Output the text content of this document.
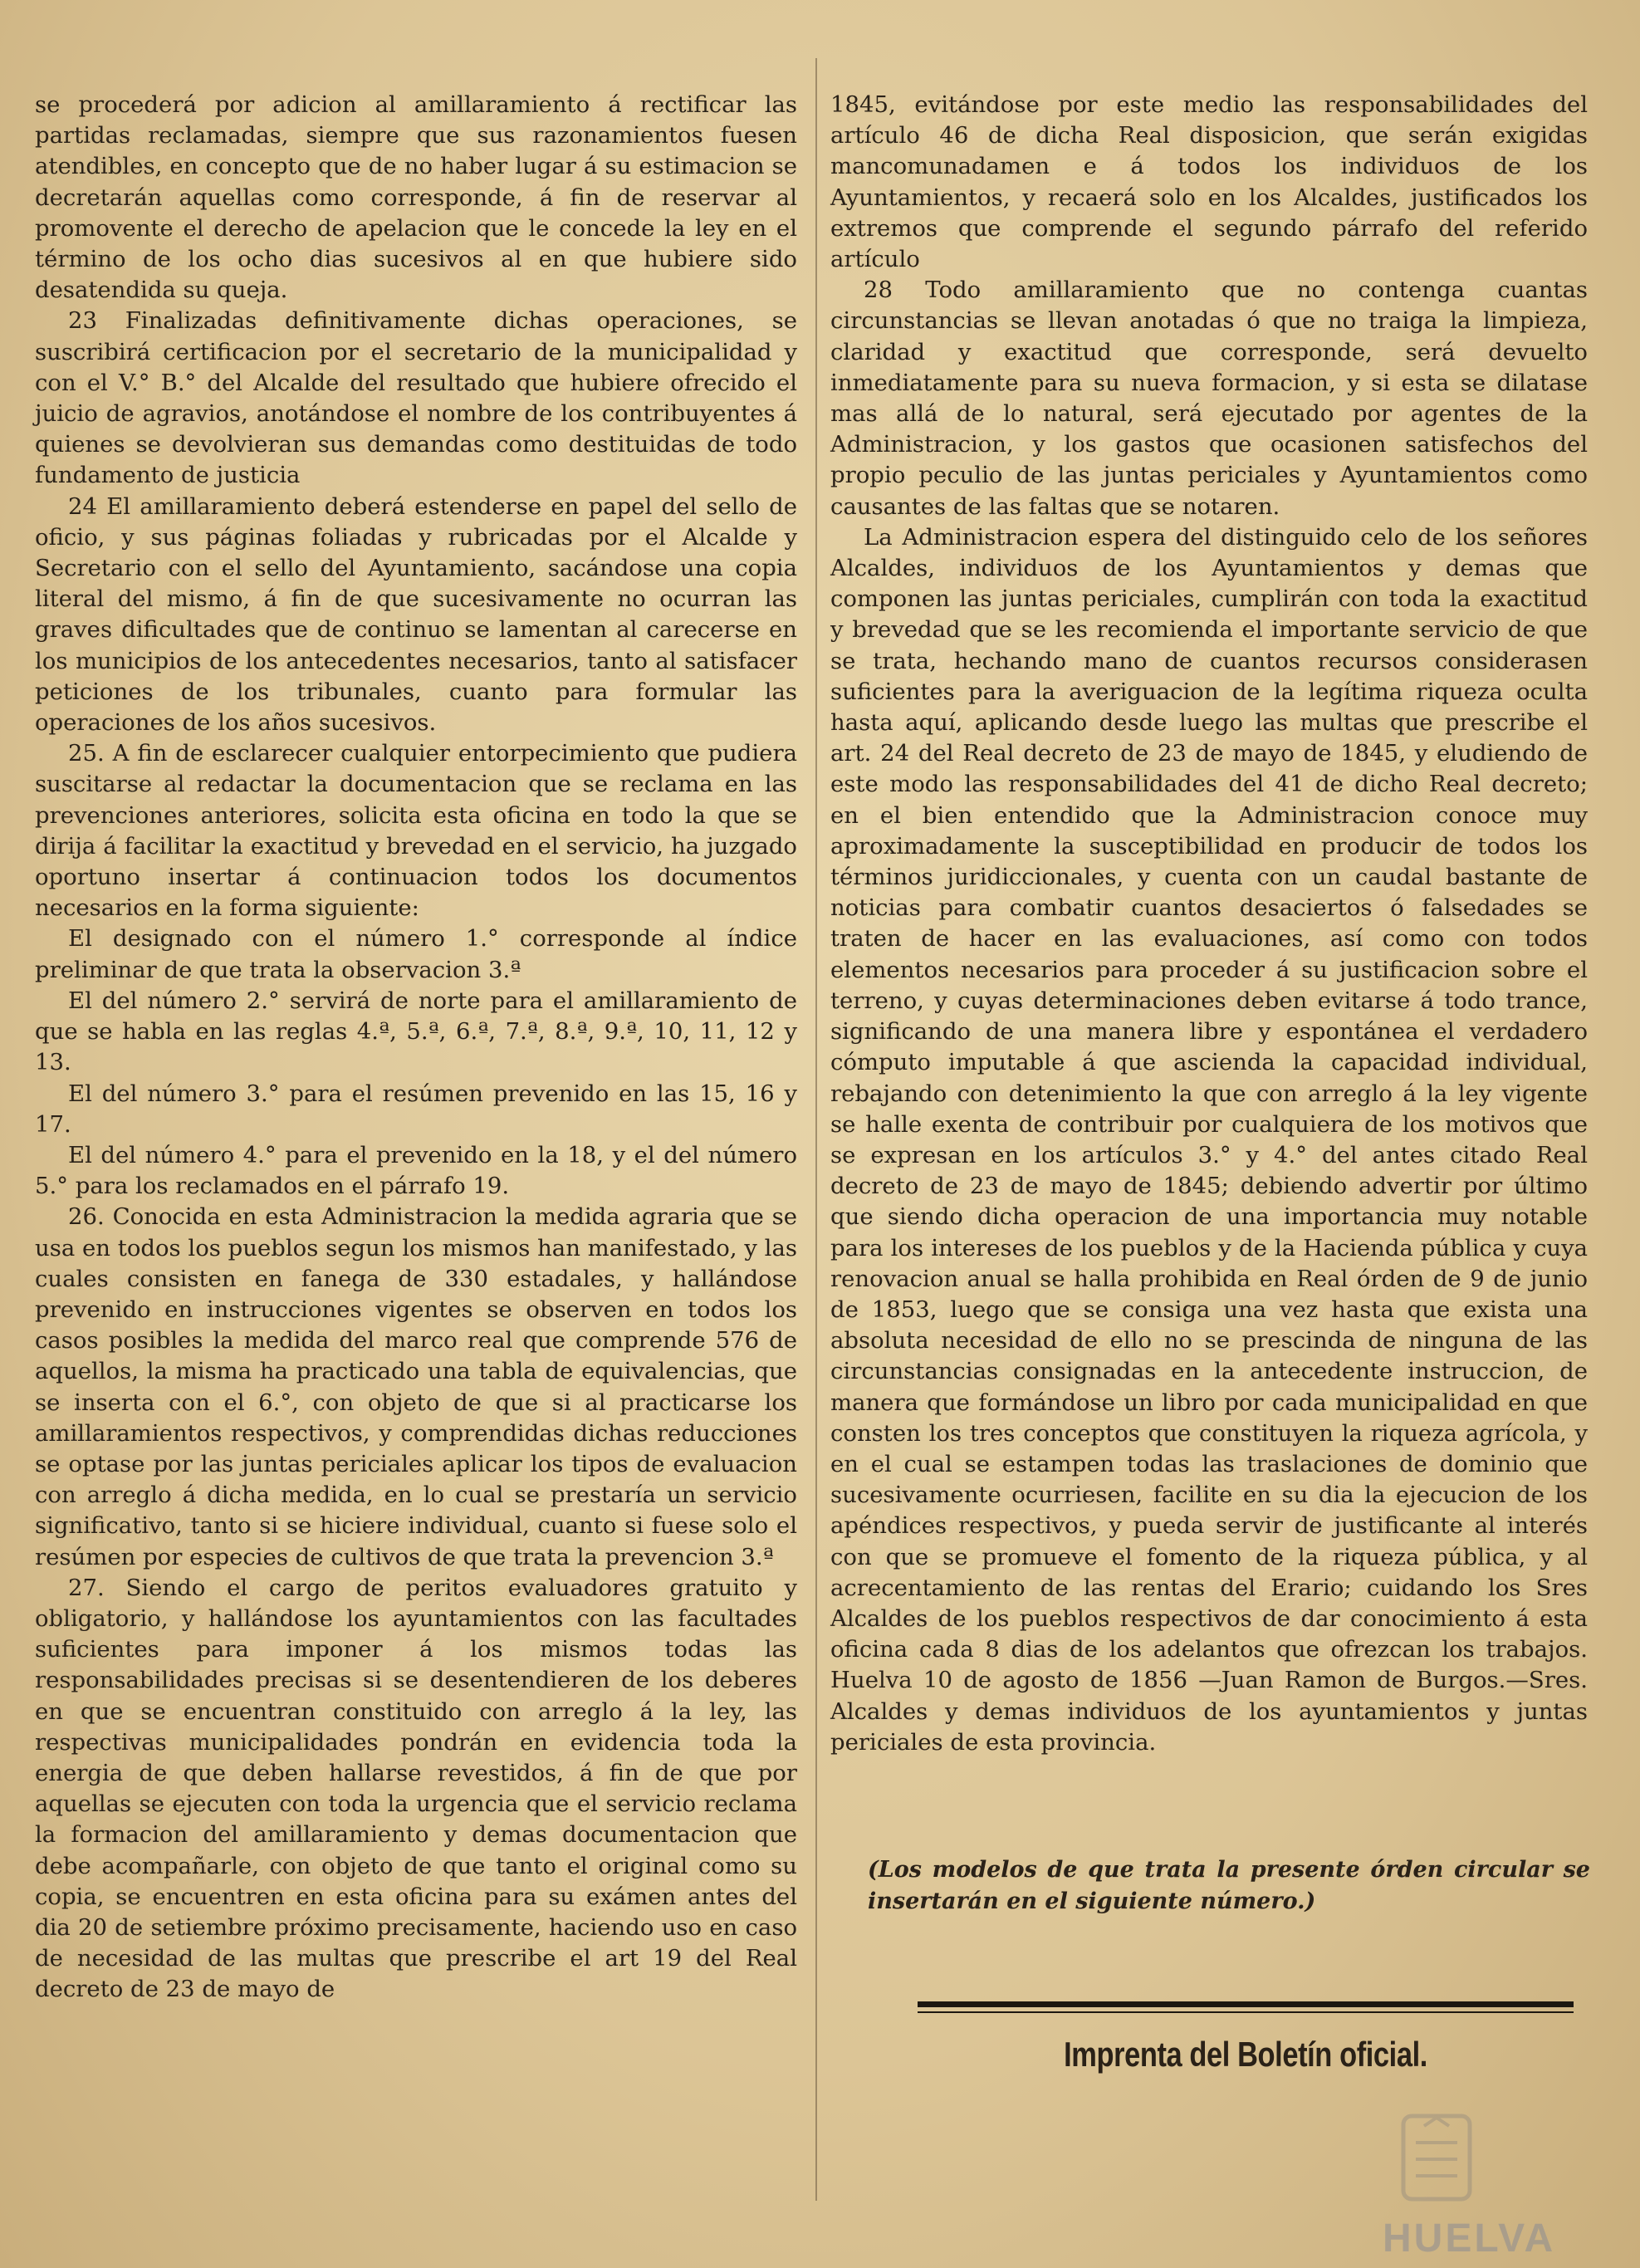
se procederá por adicion al amillaramiento á rectificar las partidas reclamadas, siempre que sus razonamientos fuesen atendibles, en concepto que de no haber lugar á su estimacion se decretarán aquellas como corresponde, á fin de reservar al promovente el derecho de apelacion que le concede la ley en el término de los ocho dias sucesivos al en que hubiere sido desatendida su queja.

23 Finalizadas definitivamente dichas operaciones, se suscribirá certificacion por el secretario de la municipalidad y con el V.° B.° del Alcalde del resultado que hubiere ofrecido el juicio de agravios, anotándose el nombre de los contribuyentes á quienes se devolvieran sus demandas como destituidas de todo fundamento de justicia

24 El amillaramiento deberá estenderse en papel del sello de oficio, y sus páginas foliadas y rubricadas por el Alcalde y Secretario con el sello del Ayuntamiento, sacándose una copia literal del mismo, á fin de que sucesivamente no ocurran las graves dificultades que de continuo se lamentan al carecerse en los municipios de los antecedentes necesarios, tanto al satisfacer peticiones de los tribunales, cuanto para formular las operaciones de los años sucesivos.

25. A fin de esclarecer cualquier entorpecimiento que pudiera suscitarse al redactar la documentacion que se reclama en las prevenciones anteriores, solicita esta oficina en todo la que se dirija á facilitar la exactitud y brevedad en el servicio, ha juzgado oportuno insertar á continuacion todos los documentos necesarios en la forma siguiente:

El designado con el número 1.° corresponde al índice preliminar de que trata la observacion 3.ª

El del número 2.° servirá de norte para el amillaramiento de que se habla en las reglas 4.ª, 5.ª, 6.ª, 7.ª, 8.ª, 9.ª, 10, 11, 12 y 13.

El del número 3.° para el resúmen prevenido en las 15, 16 y 17.

El del número 4.° para el prevenido en la 18, y el del número 5.° para los reclamados en el párrafo 19.

26. Conocida en esta Administracion la medida agraria que se usa en todos los pueblos segun los mismos han manifestado, y las cuales consisten en fanega de 330 estadales, y hallándose prevenido en instrucciones vigentes se observen en todos los casos posibles la medida del marco real que comprende 576 de aquellos, la misma ha practicado una tabla de equivalencias, que se inserta con el 6.°, con objeto de que si al practicarse los amillaramientos respectivos, y comprendidas dichas reducciones se optase por las juntas periciales aplicar los tipos de evaluacion con arreglo á dicha medida, en lo cual se prestaría un servicio significativo, tanto si se hiciere individual, cuanto si fuese solo el resúmen por especies de cultivos de que trata la prevencion 3.ª

27. Siendo el cargo de peritos evaluadores gratuito y obligatorio, y hallándose los ayuntamientos con las facultades suficientes para imponer á los mismos todas las responsabilidades precisas si se desentendieren de los deberes en que se encuentran constituido con arreglo á la ley, las respectivas municipalidades pondrán en evidencia toda la energia de que deben hallarse revestidos, á fin de que por aquellas se ejecuten con toda la urgencia que el servicio reclama la formacion del amillaramiento y demas documentacion que debe acompañarle, con objeto de que tanto el original como su copia, se encuentren en esta oficina para su exámen antes del dia 20 de setiembre próximo precisamente, haciendo uso en caso de necesidad de las multas que prescribe el art 19 del Real decreto de 23 de mayo de

1845, evitándose por este medio las responsabilidades del artículo 46 de dicha Real disposicion, que serán exigidas mancomunadamen e á todos los individuos de los Ayuntamientos, y recaerá solo en los Alcaldes, justificados los extremos que comprende el segundo párrafo del referido artículo

28 Todo amillaramiento que no contenga cuantas circunstancias se llevan anotadas ó que no traiga la limpieza, claridad y exactitud que corresponde, será devuelto inmediatamente para su nueva formacion, y si esta se dilatase mas allá de lo natural, será ejecutado por agentes de la Administracion, y los gastos que ocasionen satisfechos del propio peculio de las juntas periciales y Ayuntamientos como causantes de las faltas que se notaren.

La Administracion espera del distinguido celo de los señores Alcaldes, individuos de los Ayuntamientos y demas que componen las juntas periciales, cumplirán con toda la exactitud y brevedad que se les recomienda el importante servicio de que se trata, hechando mano de cuantos recursos considerasen suficientes para la averiguacion de la legítima riqueza oculta hasta aquí, aplicando desde luego las multas que prescribe el art. 24 del Real decreto de 23 de mayo de 1845, y eludiendo de este modo las responsabilidades del 41 de dicho Real decreto; en el bien entendido que la Administracion conoce muy aproximadamente la susceptibilidad en producir de todos los términos juridiccionales, y cuenta con un caudal bastante de noticias para combatir cuantos desaciertos ó falsedades se traten de hacer en las evaluaciones, así como con todos elementos necesarios para proceder á su justificacion sobre el terreno, y cuyas determinaciones deben evitarse á todo trance, significando de una manera libre y espontánea el verdadero cómputo imputable á que ascienda la capacidad individual, rebajando con detenimiento la que con arreglo á la ley vigente se halle exenta de contribuir por cualquiera de los motivos que se expresan en los artículos 3.° y 4.° del antes citado Real decreto de 23 de mayo de 1845; debiendo advertir por último que siendo dicha operacion de una importancia muy notable para los intereses de los pueblos y de la Hacienda pública y cuya renovacion anual se halla prohibida en Real órden de 9 de junio de 1853, luego que se consiga una vez hasta que exista una absoluta necesidad de ello no se prescinda de ninguna de las circunstancias consignadas en la antecedente instruccion, de manera que formándose un libro por cada municipalidad en que consten los tres conceptos que constituyen la riqueza agrícola, y en el cual se estampen todas las traslaciones de dominio que sucesivamente ocurriesen, facilite en su dia la ejecucion de los apéndices respectivos, y pueda servir de justificante al interés con que se promueve el fomento de la riqueza pública, y al acrecentamiento de las rentas del Erario; cuidando los Sres Alcaldes de los pueblos respectivos de dar conocimiento á esta oficina cada 8 dias de los adelantos que ofrezcan los trabajos. Huelva 10 de agosto de 1856 —Juan Ramon de Burgos.—Sres. Alcaldes y demas individuos de los ayuntamientos y juntas periciales de esta provincia.

(Los modelos de que trata la presente órden circular se insertarán en el siguiente número.)
Imprenta del Boletín oficial.
HUELVA
